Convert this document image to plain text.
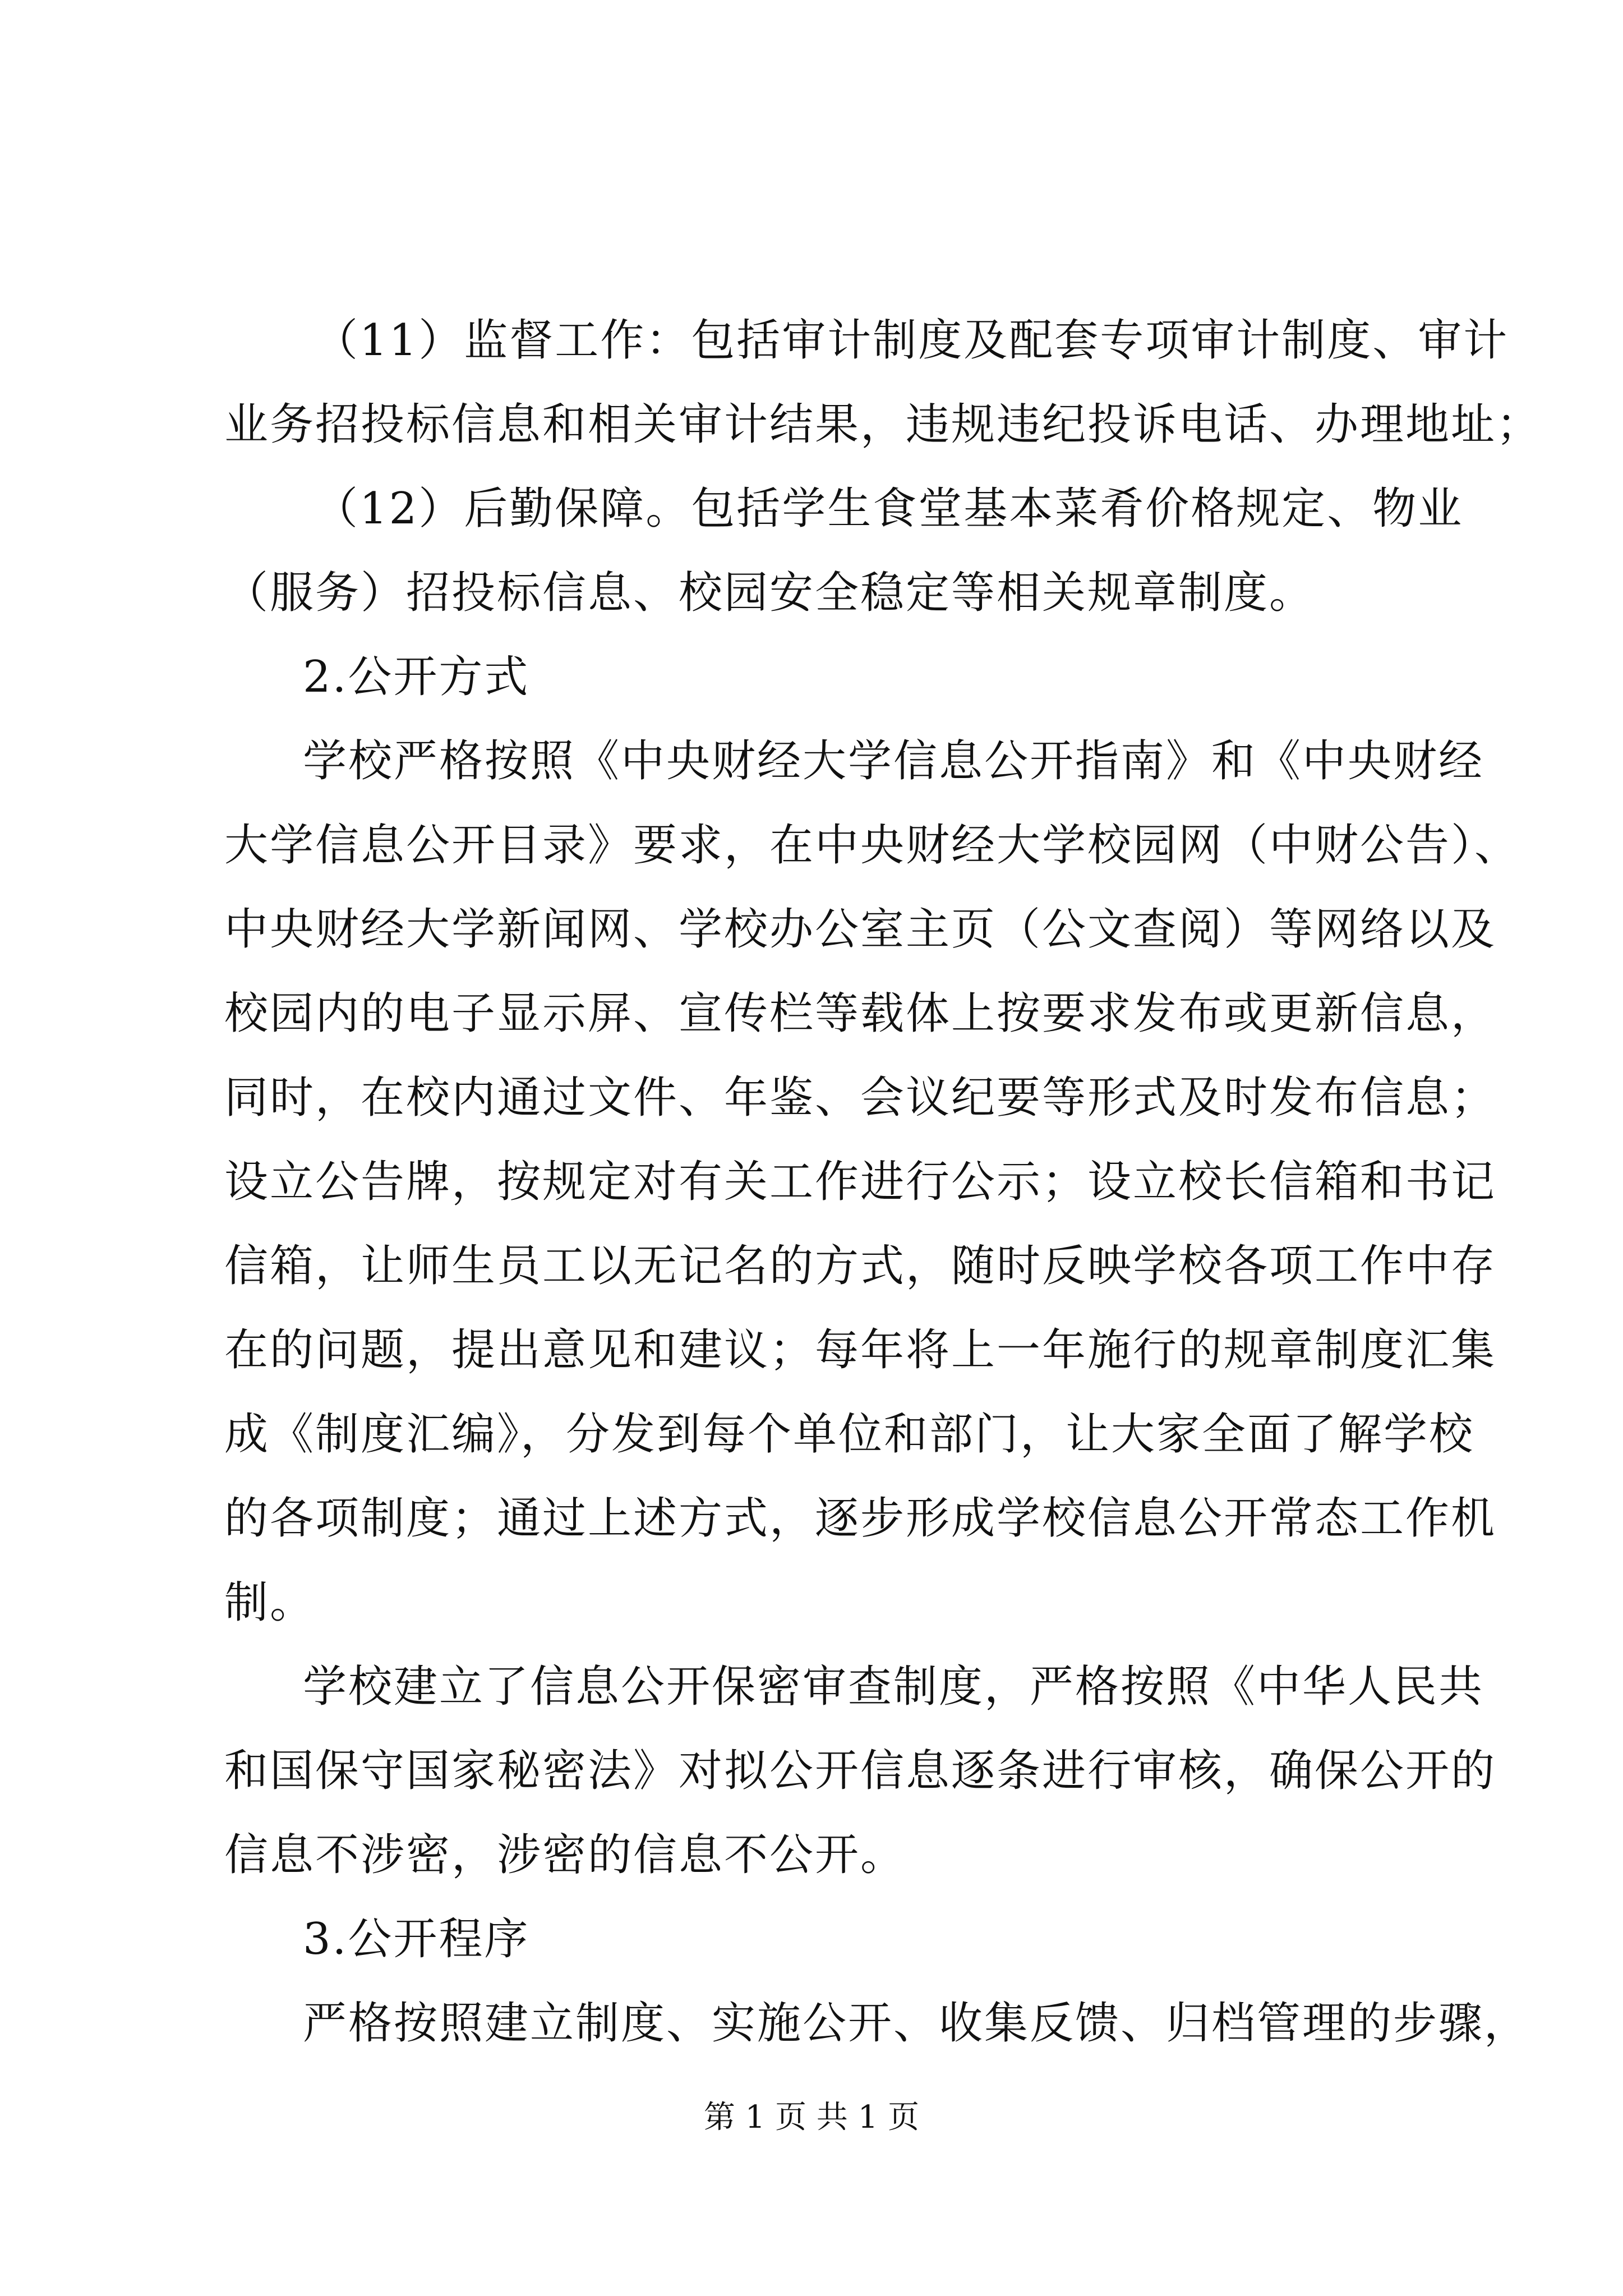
（11）监督工作：包括审计制度及配套专项审计制度、审计
业务招投标信息和相关审计结果，违规违纪投诉电话、办理地址；
（12）后勤保障。包括学生食堂基本菜肴价格规定、物业
（服务）招投标信息、校园安全稳定等相关规章制度。
2.公开方式
学校严格按照《中央财经大学信息公开指南》和《中央财经
大学信息公开目录》要求，在中央财经大学校园网（中财公告）、
中央财经大学新闻网、学校办公室主页（公文查阅）等网络以及
校园内的电子显示屏、宣传栏等载体上按要求发布或更新信息，
同时，在校内通过文件、年鉴、会议纪要等形式及时发布信息；
设立公告牌，按规定对有关工作进行公示；设立校长信箱和书记
信箱，让师生员工以无记名的方式，随时反映学校各项工作中存
在的问题，提出意见和建议；每年将上一年施行的规章制度汇集
成《制度汇编》，分发到每个单位和部门，让大家全面了解学校
的各项制度；通过上述方式，逐步形成学校信息公开常态工作机
制。
学校建立了信息公开保密审查制度，严格按照《中华人民共
和国保守国家秘密法》对拟公开信息逐条进行审核，确保公开的
信息不涉密，涉密的信息不公开。
3.公开程序
严格按照建立制度、实施公开、收集反馈、归档管理的步骤，
第 1 页 共 1 页
